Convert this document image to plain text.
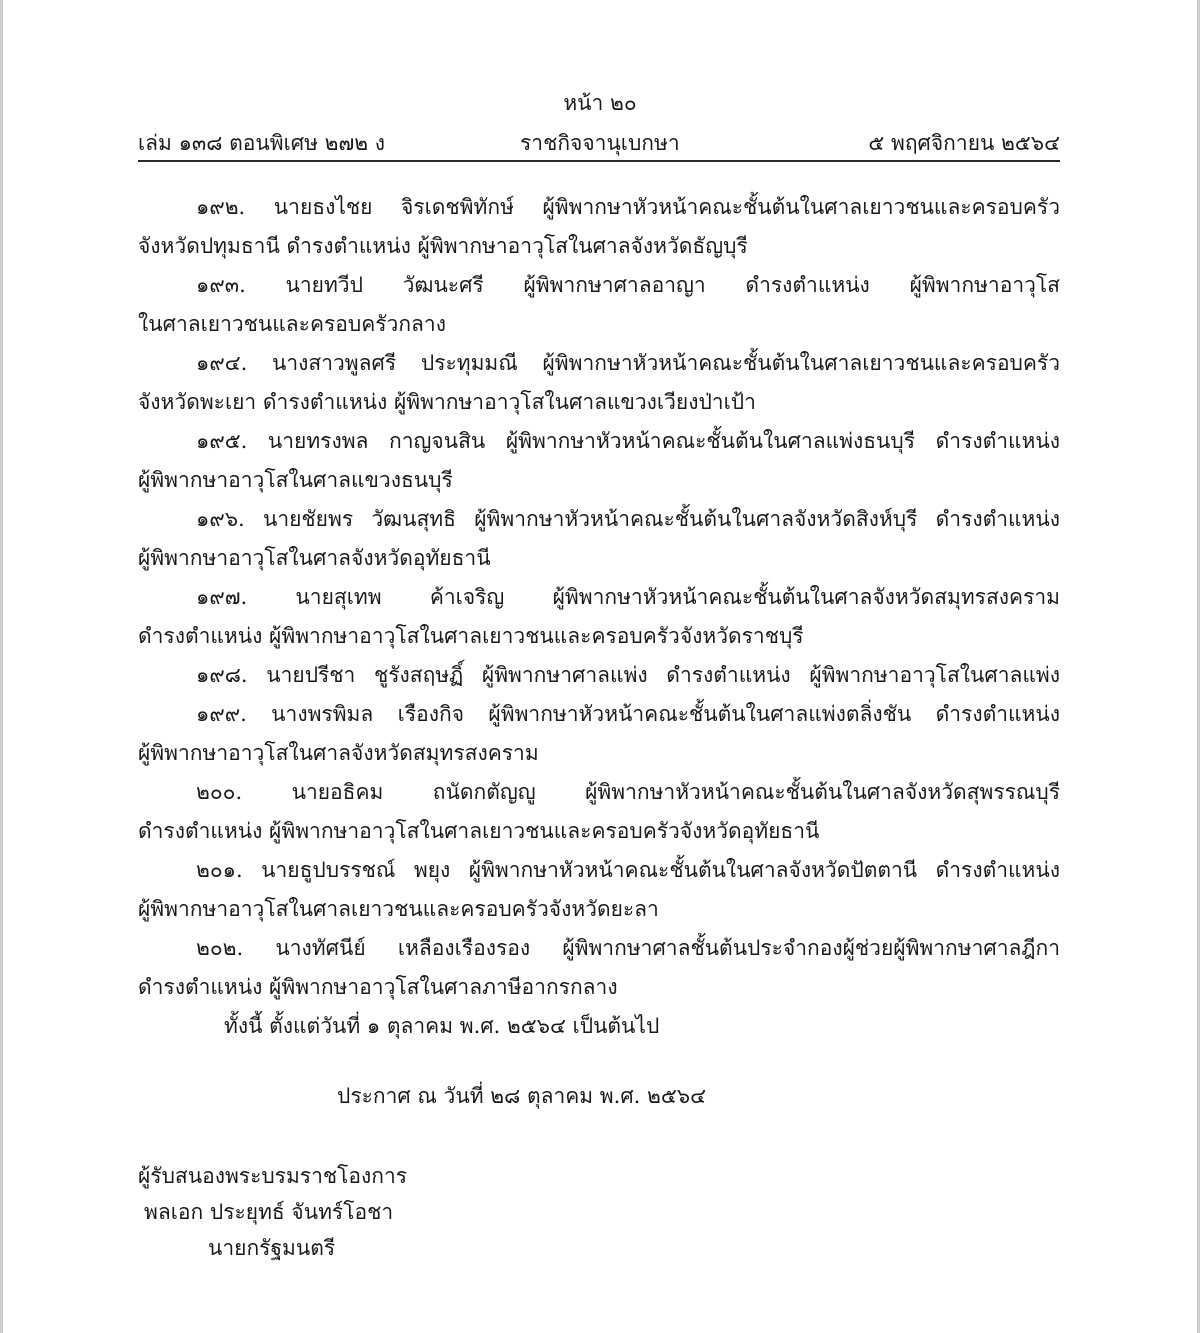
หน้า ๒๐
เล่ม ๑๓๘ ตอนพิเศษ ๒๗๒ ง	ราชกิจจานุเบกษา	๕ พฤศจิกายน ๒๕๖๔
๑๙๒. นายธงไชย จิรเดชพิทักษ์ ผู้พิพากษาหัวหน้าคณะชั้นต้นในศาลเยาวชนและครอบครัว
จังหวัดปทุมธานี ดำรงตำแหน่ง ผู้พิพากษาอาวุโสในศาลจังหวัดธัญบุรี
๑๙๓. นายทวีป วัฒนะศรี ผู้พิพากษาศาลอาญา ดำรงตำแหน่ง ผู้พิพากษาอาวุโส
ในศาลเยาวชนและครอบครัวกลาง
๑๙๔. นางสาวพูลศรี ประทุมมณี ผู้พิพากษาหัวหน้าคณะชั้นต้นในศาลเยาวชนและครอบครัว
จังหวัดพะเยา ดำรงตำแหน่ง ผู้พิพากษาอาวุโสในศาลแขวงเวียงป่าเป้า
๑๙๕. นายทรงพล กาญจนสิน ผู้พิพากษาหัวหน้าคณะชั้นต้นในศาลแพ่งธนบุรี ดำรงตำแหน่ง
ผู้พิพากษาอาวุโสในศาลแขวงธนบุรี
๑๙๖. นายชัยพร วัฒนสุทธิ ผู้พิพากษาหัวหน้าคณะชั้นต้นในศาลจังหวัดสิงห์บุรี ดำรงตำแหน่ง
ผู้พิพากษาอาวุโสในศาลจังหวัดอุทัยธานี
๑๙๗. นายสุเทพ ค้าเจริญ ผู้พิพากษาหัวหน้าคณะชั้นต้นในศาลจังหวัดสมุทรสงคราม
ดำรงตำแหน่ง ผู้พิพากษาอาวุโสในศาลเยาวชนและครอบครัวจังหวัดราชบุรี
๑๙๘. นายปรีชา ชูรังสฤษฏิ์ ผู้พิพากษาศาลแพ่ง ดำรงตำแหน่ง ผู้พิพากษาอาวุโสในศาลแพ่ง
๑๙๙. นางพรพิมล เรืองกิจ ผู้พิพากษาหัวหน้าคณะชั้นต้นในศาลแพ่งตลิ่งชัน ดำรงตำแหน่ง
ผู้พิพากษาอาวุโสในศาลจังหวัดสมุทรสงคราม
๒๐๐. นายอธิคม ถนัดกตัญญู ผู้พิพากษาหัวหน้าคณะชั้นต้นในศาลจังหวัดสุพรรณบุรี
ดำรงตำแหน่ง ผู้พิพากษาอาวุโสในศาลเยาวชนและครอบครัวจังหวัดอุทัยธานี
๒๐๑. นายธูปบรรชณ์ พยุง ผู้พิพากษาหัวหน้าคณะชั้นต้นในศาลจังหวัดปัตตานี ดำรงตำแหน่ง
ผู้พิพากษาอาวุโสในศาลเยาวชนและครอบครัวจังหวัดยะลา
๒๐๒. นางทัศนีย์ เหลืองเรืองรอง ผู้พิพากษาศาลชั้นต้นประจำกองผู้ช่วยผู้พิพากษาศาลฎีกา
ดำรงตำแหน่ง ผู้พิพากษาอาวุโสในศาลภาษีอากรกลาง
ทั้งนี้ ตั้งแต่วันที่ ๑ ตุลาคม พ.ศ. ๒๕๖๔ เป็นต้นไป
ประกาศ ณ วันที่ ๒๘ ตุลาคม พ.ศ. ๒๕๖๔
ผู้รับสนองพระบรมราชโองการ
พลเอก ประยุทธ์ จันทร์โอชา
นายกรัฐมนตรี
